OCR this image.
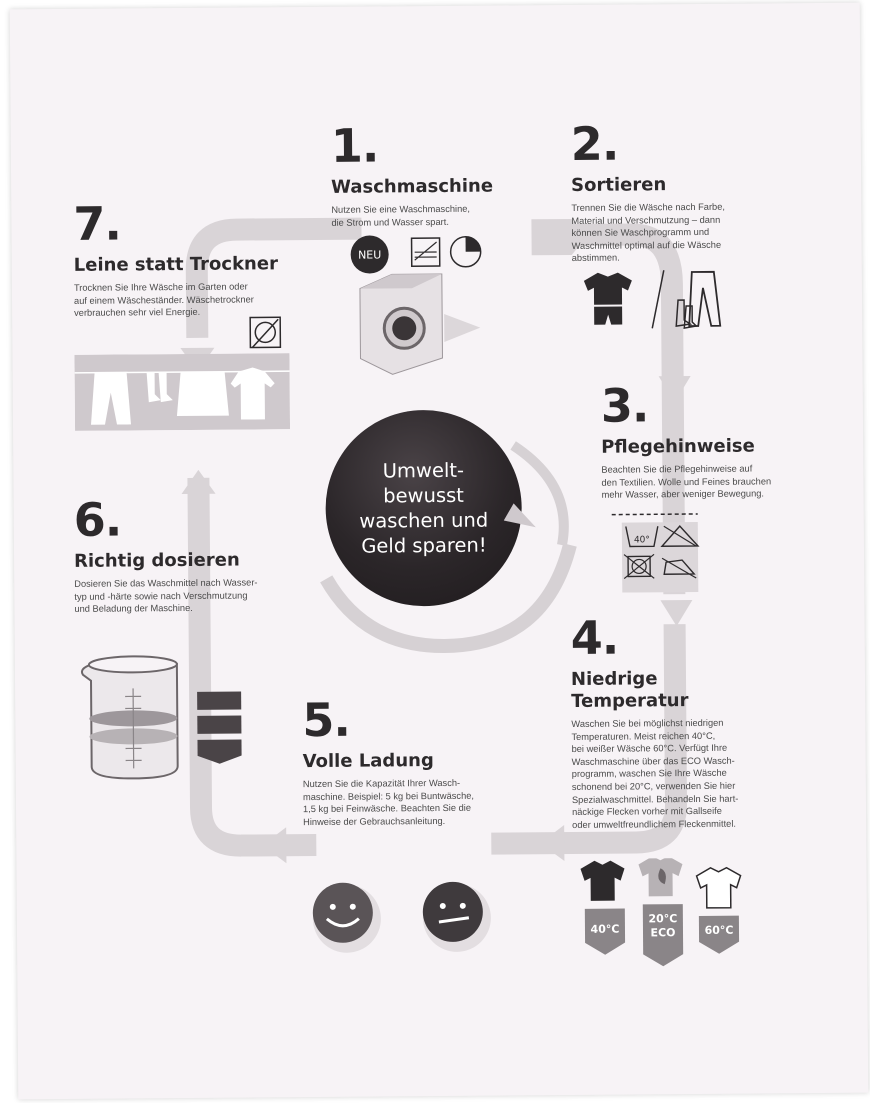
Umwelt-
bewusst
waschen und
Geld sparen!
1.
Waschmaschine
Nutzen Sie eine Waschmaschine,
die Strom und Wasser spart.
NEU
2.
Sortieren
Trennen Sie die Wäsche nach Farbe,
Material und Verschmutzung – dann
können Sie Waschprogramm und
Waschmittel optimal auf die Wäsche
abstimmen.
3.
Pflegehinweise
Beachten Sie die Pflegehinweise auf
den Textilien. Wolle und Feines brauchen
mehr Wasser, aber weniger Bewegung.
40°
4.
Niedrige
Temperatur
Waschen Sie bei möglichst niedrigen
Temperaturen. Meist reichen 40°C,
bei weißer Wäsche 60°C. Verfügt Ihre
Waschmaschine über das ECO Wasch-
programm, waschen Sie Ihre Wäsche
schonend bei 20°C, verwenden Sie hier
Spezialwaschmittel. Behandeln Sie hart-
näckige Flecken vorher mit Gallseife
oder umweltfreundlichem Fleckenmittel.
40°C
20°C
ECO	60°C
5.
Volle Ladung
Nutzen Sie die Kapazität Ihrer Wasch-
maschine. Beispiel: 5 kg bei Buntwäsche,
1,5 kg bei Feinwäsche. Beachten Sie die
Hinweise der Gebrauchsanleitung.
6.
Richtig dosieren
Dosieren Sie das Waschmittel nach Wasser-
typ und -härte sowie nach Verschmutzung
und Beladung der Maschine.
7.
Leine statt Trockner
Trocknen Sie Ihre Wäsche im Garten oder
auf einem Wäscheständer. Wäschetrockner
verbrauchen sehr viel Energie.
